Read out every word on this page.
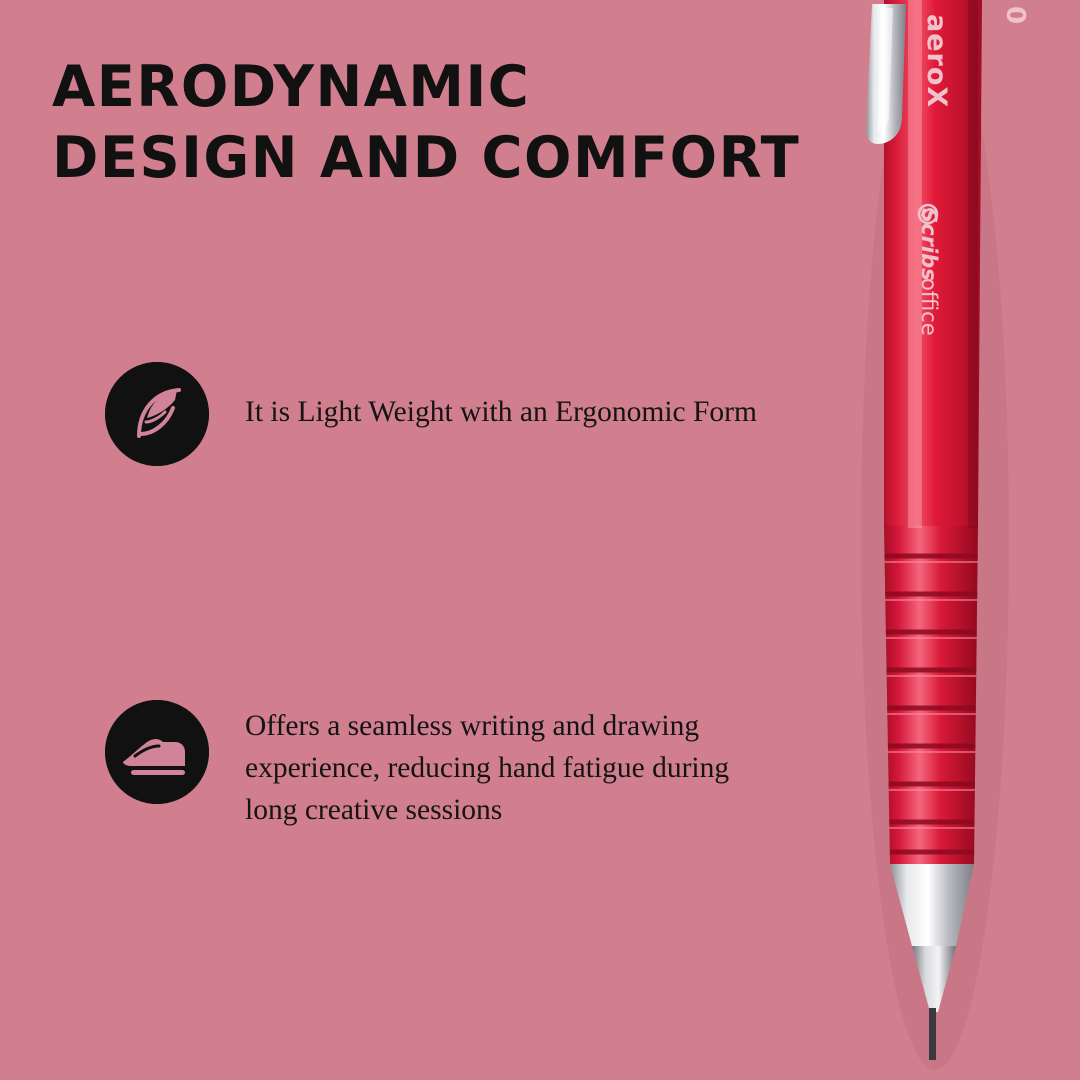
AERODYNAMIC
DESIGN AND COMFORT
It is Light Weight with an Ergonomic Form
Offers a seamless writing and drawing
experience, reducing hand fatigue during
long creative sessions
aeroX
Scribs
office
0
